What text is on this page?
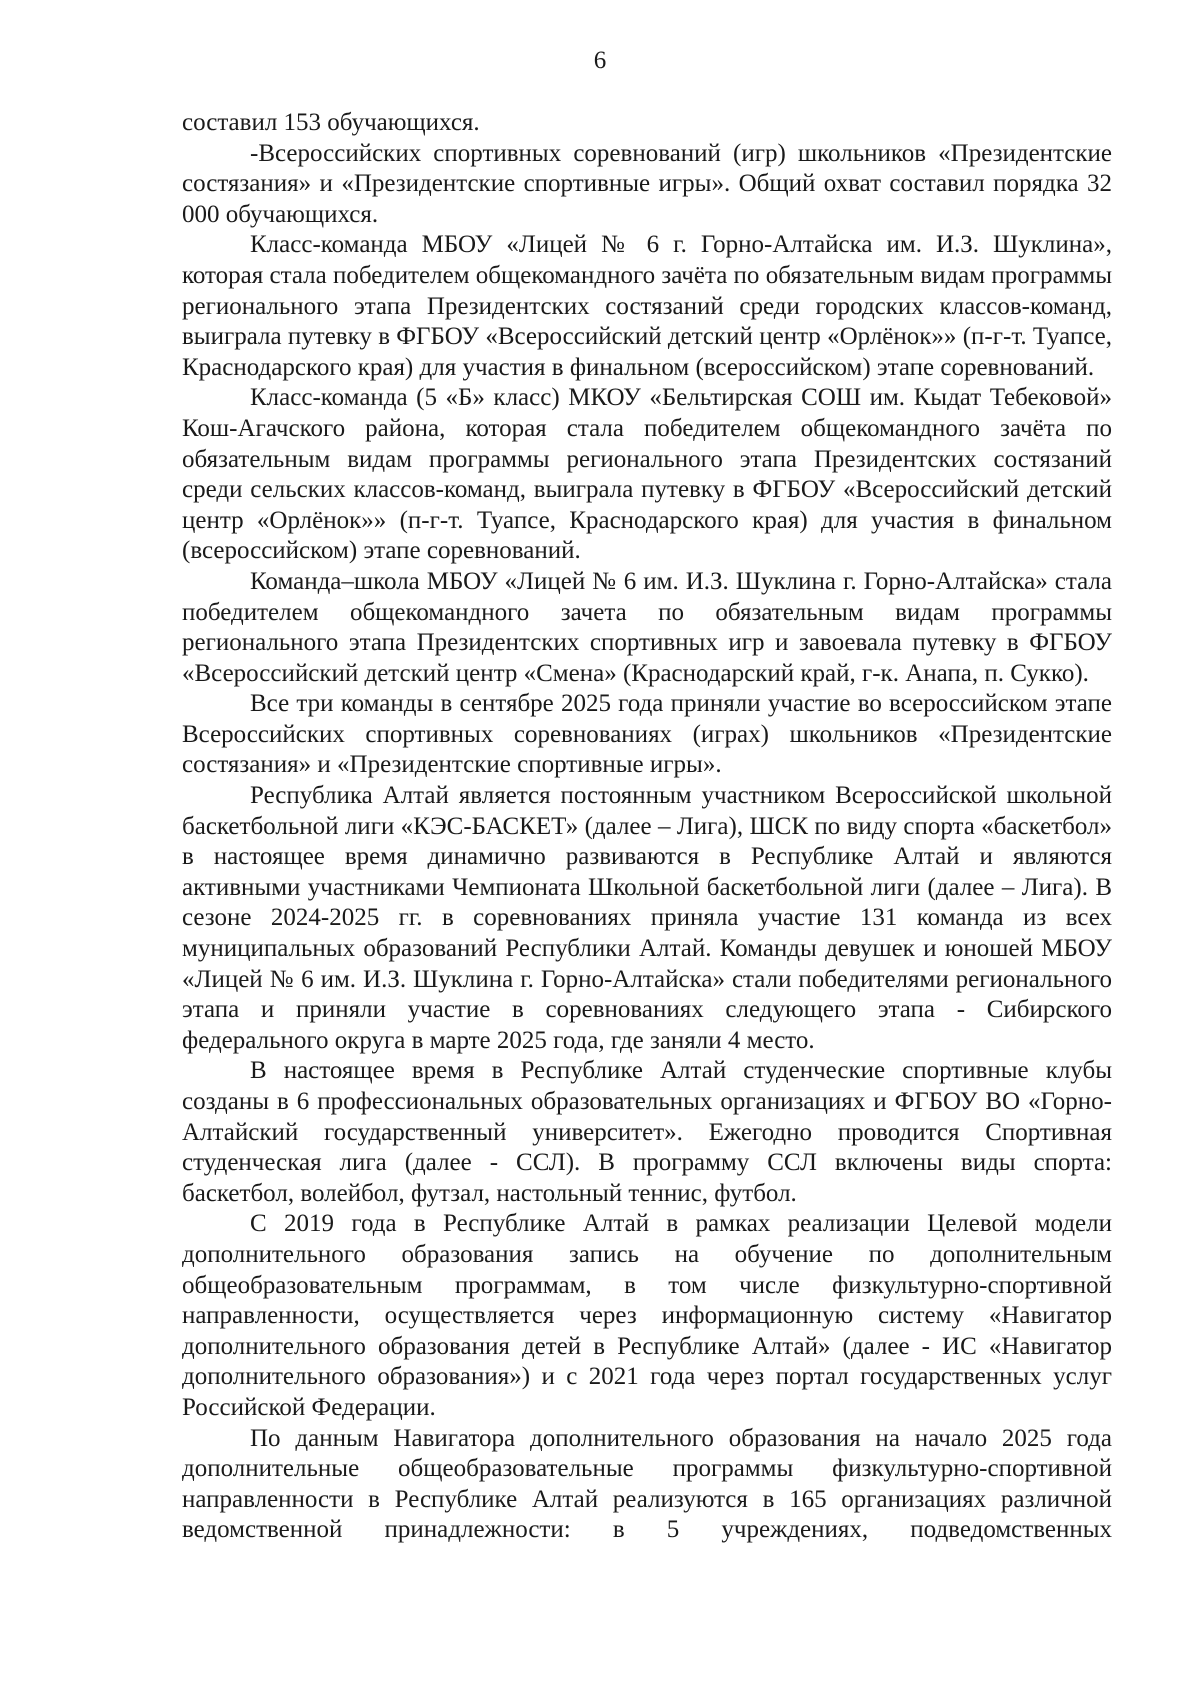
6

составил 153 обучающихся.

-Всероссийских спортивных соревнований (игр) школьников «Президентские состязания» и «Президентские спортивные игры». Общий охват составил порядка 32 000 обучающихся.

Класс-команда МБОУ «Лицей № 6 г. Горно-Алтайска им. И.З. Шуклина», которая стала победителем общекомандного зачёта по обязательным видам программы регионального этапа Президентских состязаний среди городских классов-команд, выиграла путевку в ФГБОУ «Всероссийский детский центр «Орлёнок»» (п-г-т. Туапсе, Краснодарского края) для участия в финальном (всероссийском) этапе соревнований.

Класс-команда (5 «Б» класс) МКОУ «Бельтирская СОШ им. Кыдат Тебековой» Кош-Агачского района, которая стала победителем общекомандного зачёта по обязательным видам программы регионального этапа Президентских состязаний среди сельских классов-команд, выиграла путевку в ФГБОУ «Всероссийский детский центр «Орлёнок»» (п-г-т. Туапсе, Краснодарского края) для участия в финальном (всероссийском) этапе соревнований.

Команда–школа МБОУ «Лицей № 6 им. И.З. Шуклина г. Горно-Алтайска» стала победителем общекомандного зачета по обязательным видам программы регионального этапа Президентских спортивных игр и завоевала путевку в ФГБОУ «Всероссийский детский центр «Смена» (Краснодарский край, г-к. Анапа, п. Сукко).

Все три команды в сентябре 2025 года приняли участие во всероссийском этапе Всероссийских спортивных соревнованиях (играх) школьников «Президентские состязания» и «Президентские спортивные игры».

Республика Алтай является постоянным участником Всероссийской школьной баскетбольной лиги «КЭС-БАСКЕТ» (далее – Лига), ШСК по виду спорта «баскетбол» в настоящее время динамично развиваются в Республике Алтай и являются активными участниками Чемпионата Школьной баскетбольной лиги (далее – Лига). В сезоне 2024-2025 гг. в соревнованиях приняла участие 131 команда из всех муниципальных образований Республики Алтай. Команды девушек и юношей МБОУ «Лицей № 6 им. И.З. Шуклина г. Горно-Алтайска» стали победителями регионального этапа и приняли участие в соревнованиях следующего этапа - Сибирского федерального округа в марте 2025 года, где заняли 4 место.

В настоящее время в Республике Алтай студенческие спортивные клубы созданы в 6 профессиональных образовательных организациях и ФГБОУ ВО «Горно-Алтайский государственный университет». Ежегодно проводится Спортивная студенческая лига (далее - ССЛ). В программу ССЛ включены виды спорта: баскетбол, волейбол, футзал, настольный теннис, футбол.

С 2019 года в Республике Алтай в рамках реализации Целевой модели дополнительного образования запись на обучение по дополнительным общеобразовательным программам, в том числе физкультурно-спортивной направленности, осуществляется через информационную систему «Навигатор дополнительного образования детей в Республике Алтай» (далее - ИС «Навигатор дополнительного образования») и с 2021 года через портал государственных услуг Российской Федерации.

По данным Навигатора дополнительного образования на начало 2025 года дополнительные общеобразовательные программы физкультурно-спортивной направленности в Республике Алтай реализуются в 165 организациях различной ведомственной принадлежности: в 5 учреждениях, подведомственных
